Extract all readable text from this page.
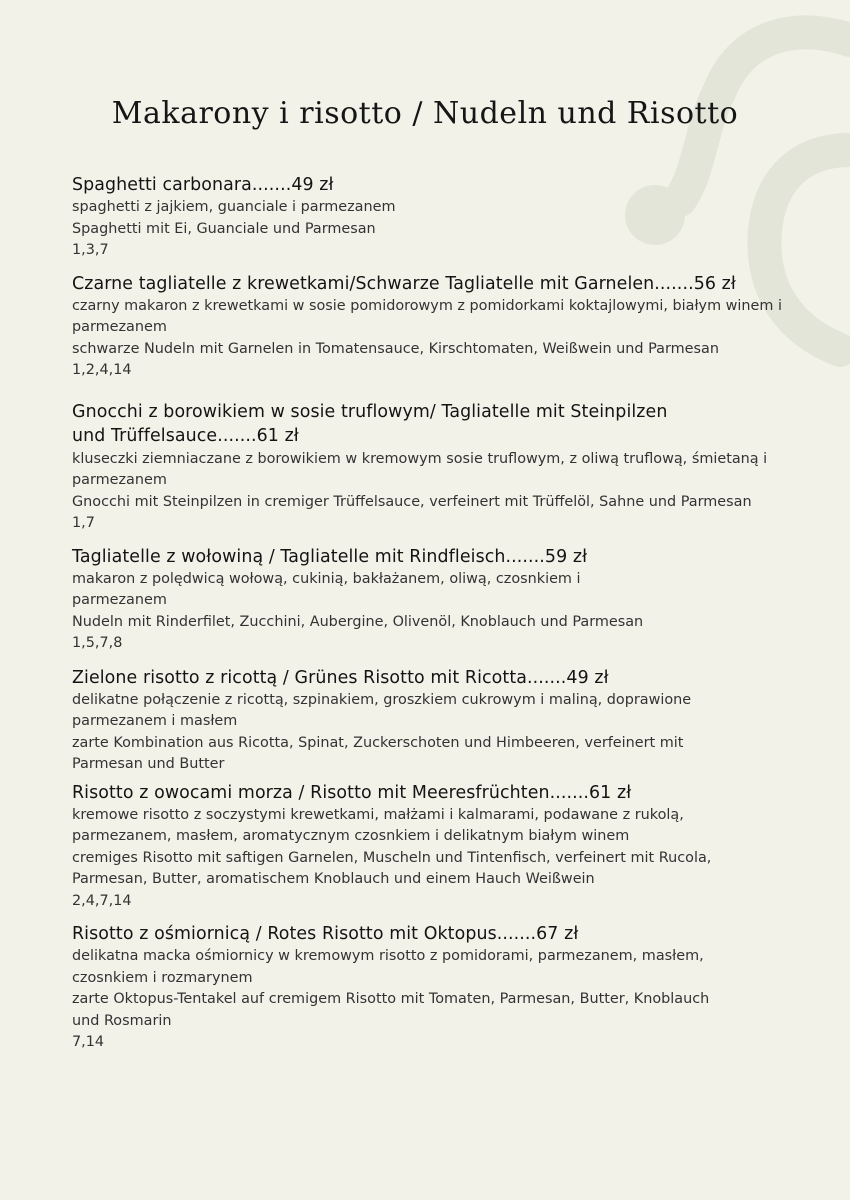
Makarony i risotto / Nudeln und Risotto

Spaghetti carbonara.......49 zł

spaghetti z jajkiem, guanciale i parmezanem

Spaghetti mit Ei, Guanciale und Parmesan

1,3,7

Czarne tagliatelle z krewetkami/Schwarze Tagliatelle mit Garnelen.......56 zł

czarny makaron z krewetkami w sosie pomidorowym z pomidorkami koktajlowymi, białym winem i parmezanem

schwarze Nudeln mit Garnelen in Tomatensauce, Kirschtomaten, Weißwein und Parmesan

1,2,4,14

Gnocchi z borowikiem w sosie truflowym/ Tagliatelle mit Steinpilzen und Trüffelsauce.......61 zł

kluseczki ziemniaczane z borowikiem w kremowym sosie truflowym, z oliwą truflową, śmietaną i parmezanem

Gnocchi mit Steinpilzen in cremiger Trüffelsauce, verfeinert mit Trüffelöl, Sahne und Parmesan

1,7

Tagliatelle z wołowiną / Tagliatelle mit Rindfleisch.......59 zł

makaron z polędwicą wołową, cukinią, bakłażanem, oliwą, czosnkiem i parmezanem

Nudeln mit Rinderfilet, Zucchini, Aubergine, Olivenöl, Knoblauch und Parmesan

1,5,7,8

Zielone risotto z ricottą / Grünes Risotto mit Ricotta.......49 zł

delikatne połączenie z ricottą, szpinakiem, groszkiem cukrowym i maliną, doprawione parmezanem i masłem

zarte Kombination aus Ricotta, Spinat, Zuckerschoten und Himbeeren, verfeinert mit Parmesan und Butter

Risotto z owocami morza / Risotto mit Meeresfrüchten.......61 zł

kremowe risotto z soczystymi krewetkami, małżami i kalmarami, podawane z rukolą, parmezanem, masłem, aromatycznym czosnkiem i delikatnym białym winem

cremiges Risotto mit saftigen Garnelen, Muscheln und Tintenfisch, verfeinert mit Rucola, Parmesan, Butter, aromatischem Knoblauch und einem Hauch Weißwein

2,4,7,14

Risotto z ośmiornicą / Rotes Risotto mit Oktopus.......67 zł

delikatna macka ośmiornicy w kremowym risotto z pomidorami, parmezanem, masłem, czosnkiem i rozmarynem

zarte Oktopus-Tentakel auf cremigem Risotto mit Tomaten, Parmesan, Butter, Knoblauch und Rosmarin

7,14
